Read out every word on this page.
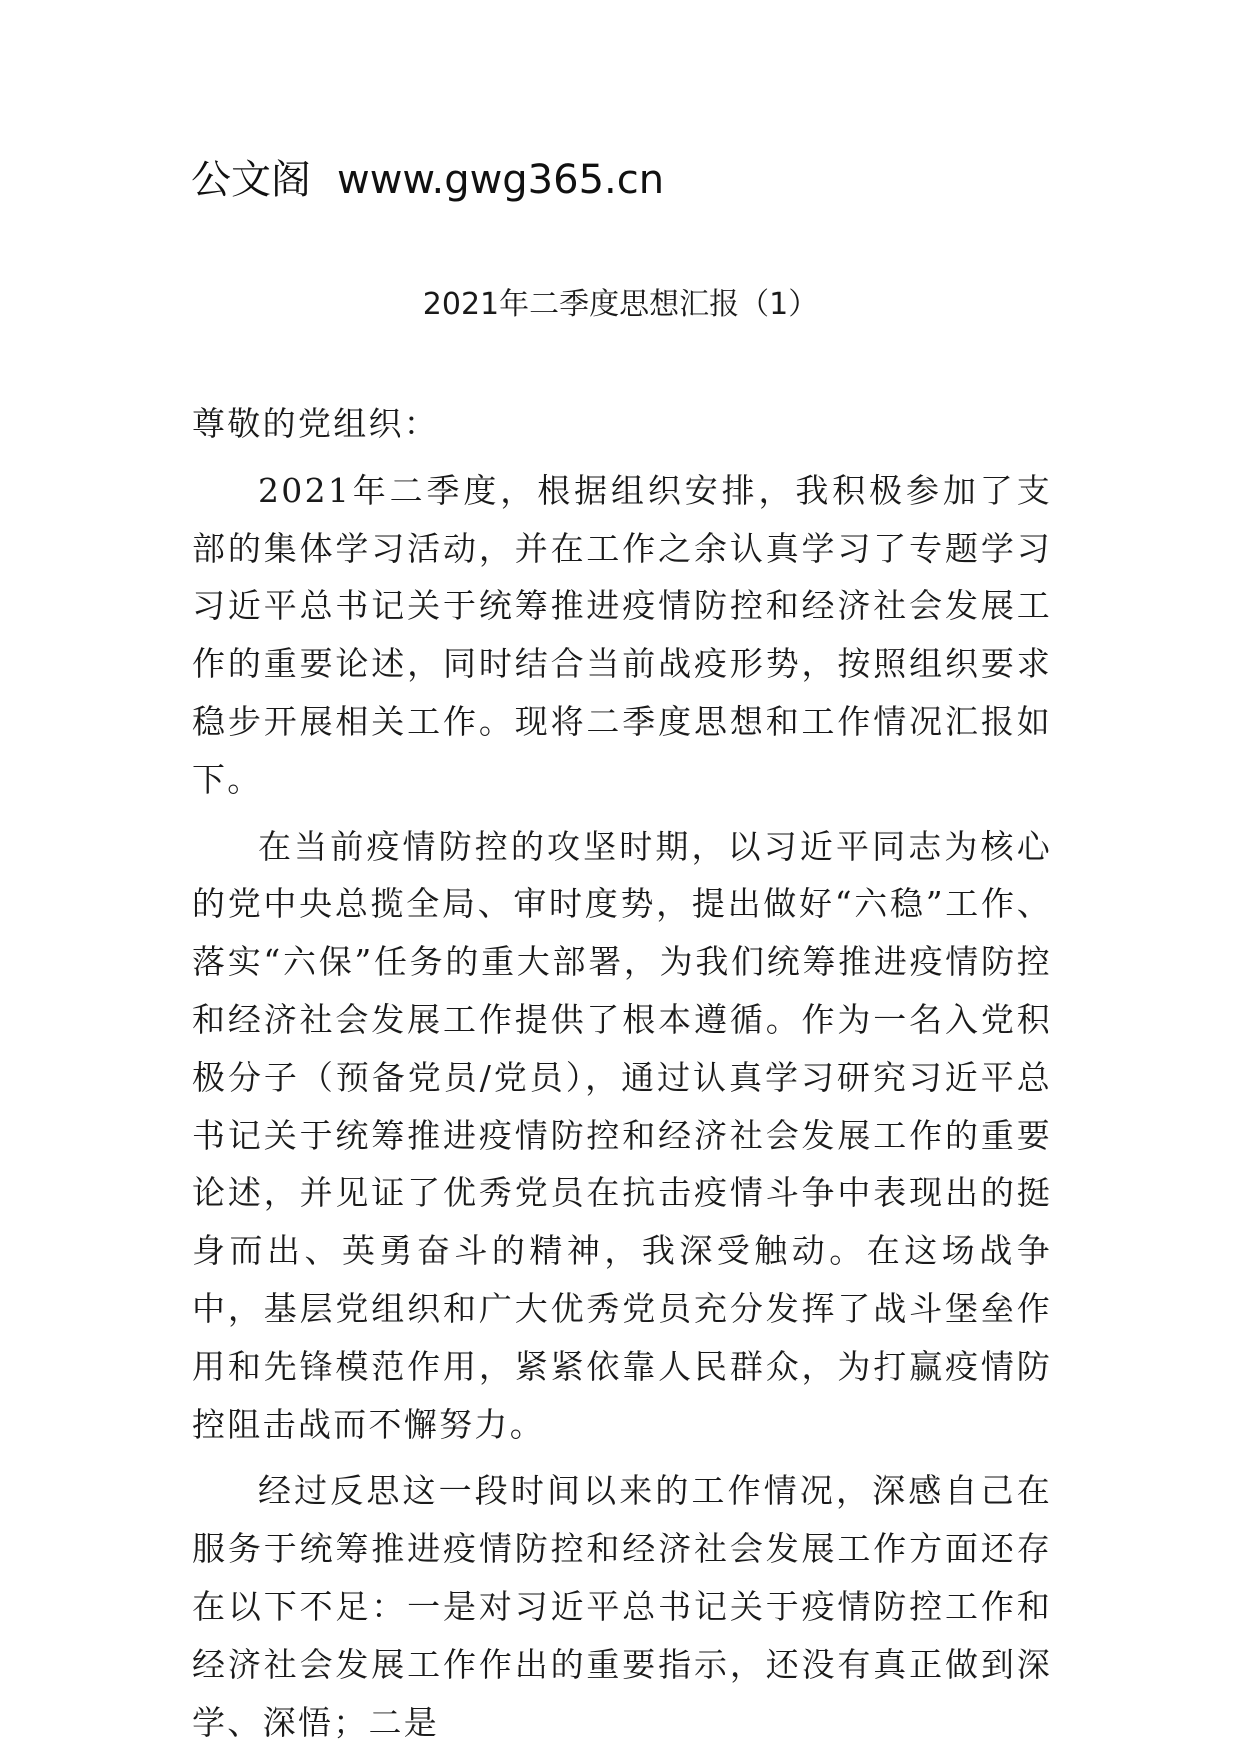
公文阁 www.gwg365.cn
2021年二季度思想汇报（1）

尊敬的党组织：

2021年二季度，根据组织安排，我积极参加了支部的集体学习活动，并在工作之余认真学习了专题学习习近平总书记关于统筹推进疫情防控和经济社会发展工作的重要论述，同时结合当前战疫形势，按照组织要求稳步开展相关工作。现将二季度思想和工作情况汇报如下。

在当前疫情防控的攻坚时期，以习近平同志为核心的党中央总揽全局、审时度势，提出做好“六稳”工作、落实“六保”任务的重大部署，为我们统筹推进疫情防控和经济社会发展工作提供了根本遵循。作为一名入党积极分子（预备党员/党员），通过认真学习研究习近平总书记关于统筹推进疫情防控和经济社会发展工作的重要论述，并见证了优秀党员在抗击疫情斗争中表现出的挺身而出、英勇奋斗的精神，我深受触动。在这场战争中，基层党组织和广大优秀党员充分发挥了战斗堡垒作用和先锋模范作用，紧紧依靠人民群众，为打赢疫情防控阻击战而不懈努力。

经过反思这一段时间以来的工作情况，深感自己在服务于统筹推进疫情防控和经济社会发展工作方面还存在以下不足：一是对习近平总书记关于疫情防控工作和经济社会发展工作作出的重要指示，还没有真正做到深学、深悟；二是
